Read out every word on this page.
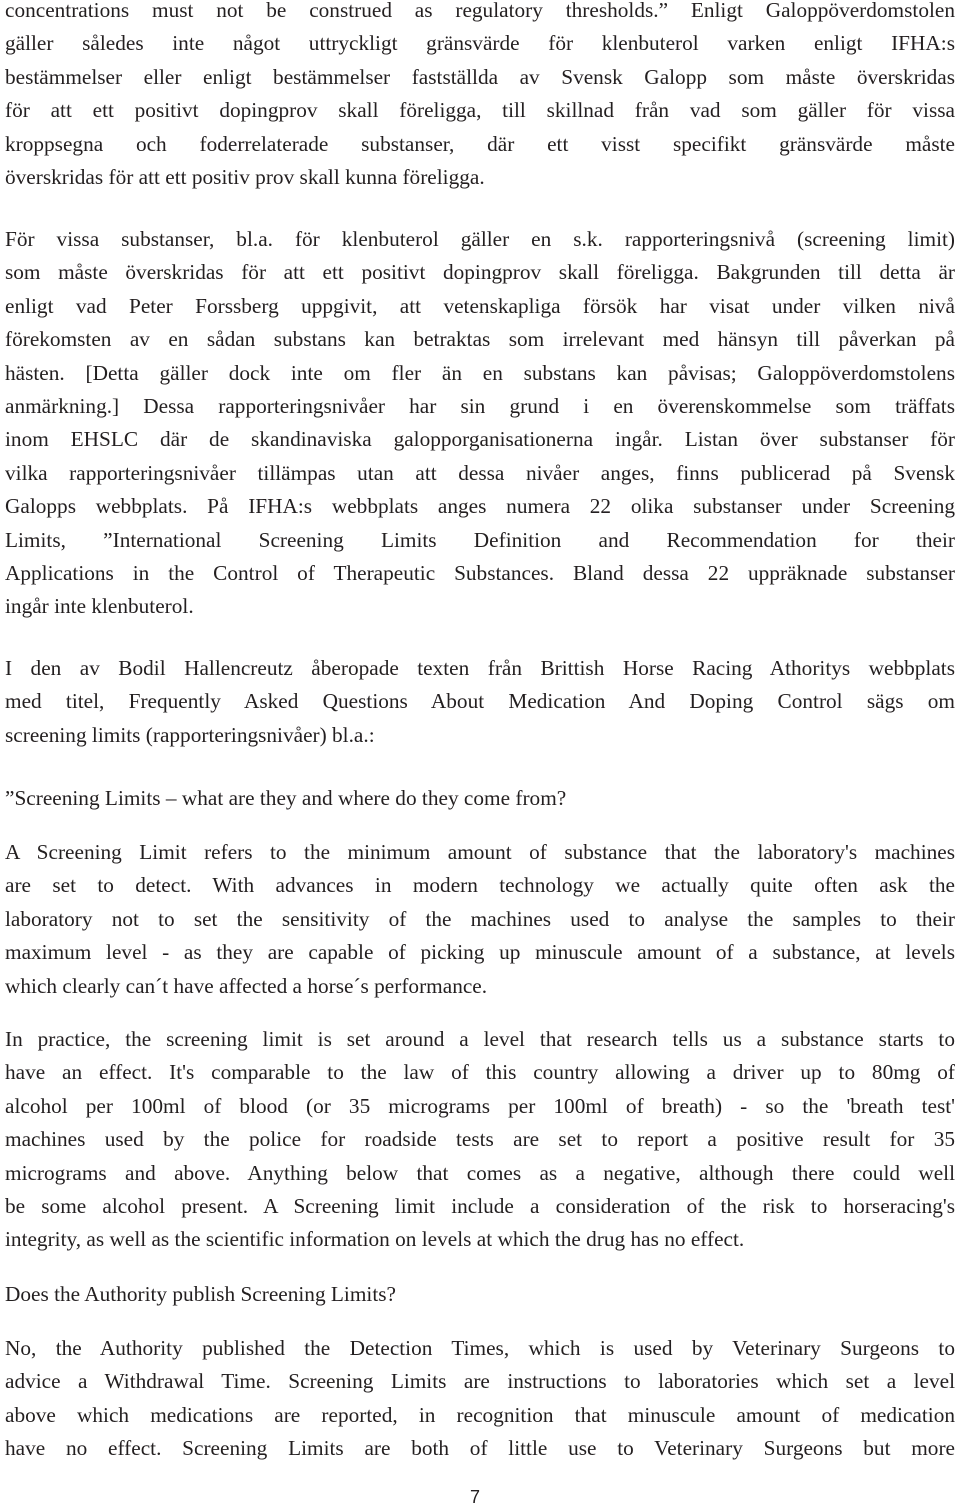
concentrations must not be construed as regulatory thresholds.” Enligt Galoppöverdomstolen
gäller således inte något uttryckligt gränsvärde för klenbuterol varken enligt IFHA:s
bestämmelser eller enligt bestämmelser fastställda av Svensk Galopp som måste överskridas
för att ett positivt dopingprov skall föreligga, till skillnad från vad som gäller för vissa
kroppsegna och foderrelaterade substanser, där ett visst specifikt gränsvärde måste
överskridas för att ett positiv prov skall kunna föreligga.
För vissa substanser, bl.a. för klenbuterol gäller en s.k. rapporteringsnivå (screening limit)
som måste överskridas för att ett positivt dopingprov skall föreligga. Bakgrunden till detta är
enligt vad Peter Forssberg uppgivit, att vetenskapliga försök har visat under vilken nivå
förekomsten av en sådan substans kan betraktas som irrelevant med hänsyn till påverkan på
hästen. [Detta gäller dock inte om fler än en substans kan påvisas; Galoppöverdomstolens
anmärkning.] Dessa rapporteringsnivåer har sin grund i en överenskommelse som träffats
inom EHSLC där de skandinaviska galopporganisationerna ingår. Listan över substanser för
vilka rapporteringsnivåer tillämpas utan att dessa nivåer anges, finns publicerad på Svensk
Galopps webbplats. På IFHA:s webbplats anges numera 22 olika substanser under Screening
Limits, ”International Screening Limits Definition and Recommendation for their
Applications in the Control of Therapeutic Substances. Bland dessa 22 uppräknade substanser
ingår inte klenbuterol.
I den av Bodil Hallencreutz åberopade texten från Brittish Horse Racing Athoritys webbplats
med titel, Frequently Asked Questions About Medication And Doping Control sägs om
screening limits (rapporteringsnivåer) bl.a.:
”Screening Limits – what are they and where do they come from?
A Screening Limit refers to the minimum amount of substance that the laboratory's machines
are set to detect. With advances in modern technology we actually quite often ask the
laboratory not to set the sensitivity of the machines used to analyse the samples to their
maximum level - as they are capable of picking up minuscule amount of a substance, at levels
which clearly can´t have affected a horse´s performance.
In practice, the screening limit is set around a level that research tells us a substance starts to
have an effect. It's comparable to the law of this country allowing a driver up to 80mg of
alcohol per 100ml of blood (or 35 micrograms per 100ml of breath) - so the 'breath test'
machines used by the police for roadside tests are set to report a positive result for 35
micrograms and above. Anything below that comes as a negative, although there could well
be some alcohol present. A Screening limit include a consideration of the risk to horseracing's
integrity, as well as the scientific information on levels at which the drug has no effect.
Does the Authority publish Screening Limits?
No, the Authority published the Detection Times, which is used by Veterinary Surgeons to
advice a Withdrawal Time. Screening Limits are instructions to laboratories which set a level
above which medications are reported, in recognition that minuscule amount of medication
have no effect. Screening Limits are both of little use to Veterinary Surgeons but more
7
